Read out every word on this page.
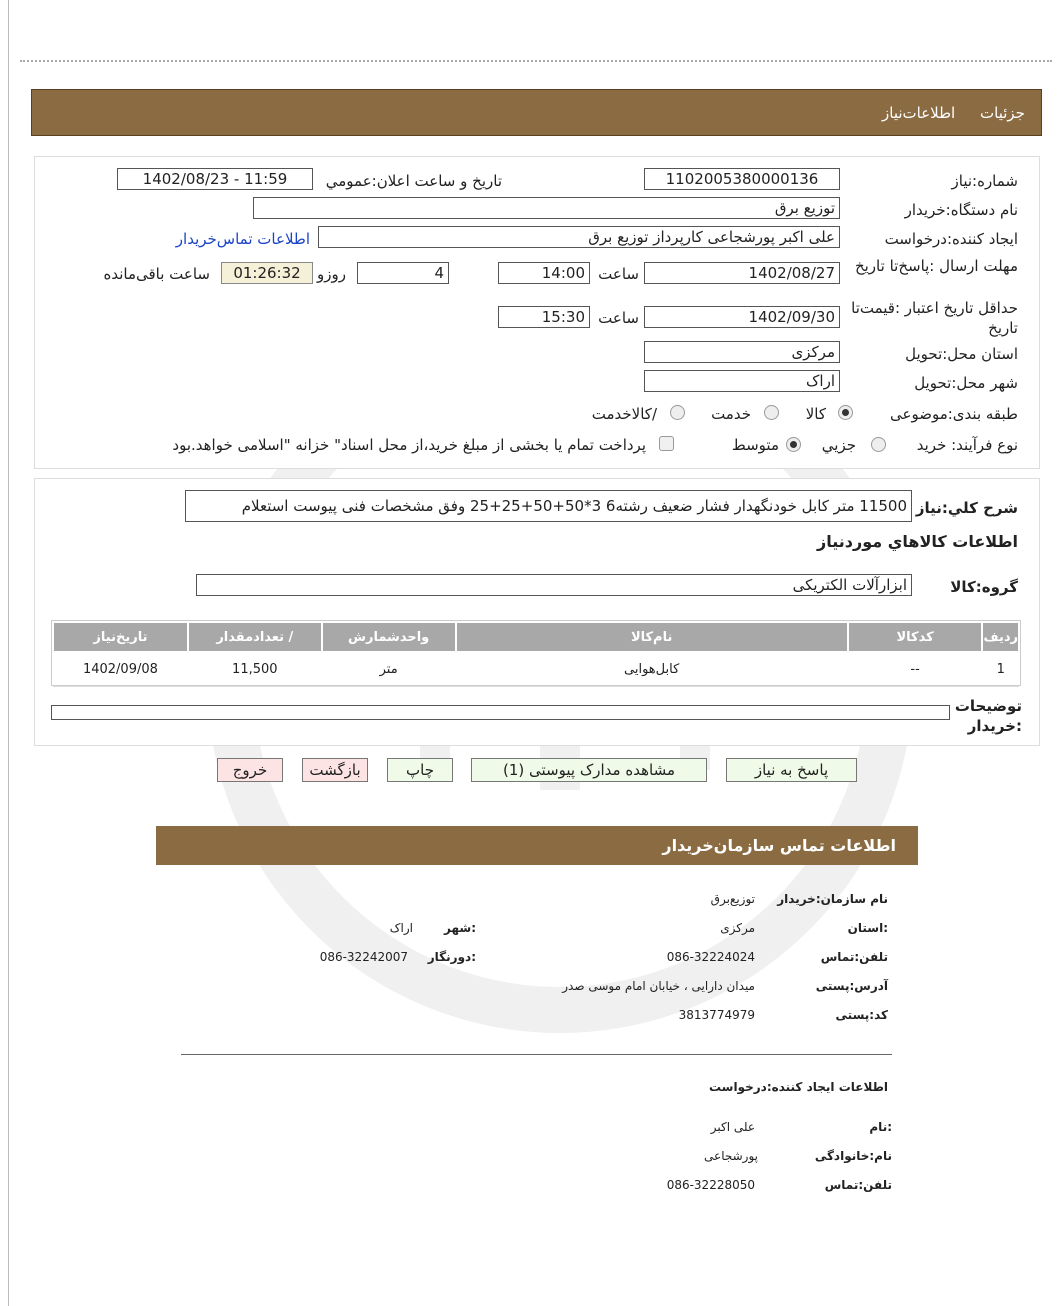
جزئیات
اطلاعات‌نیاز
شماره:نیاز
1102005380000136
تاریخ و ساعت اعلان:عمومي
1402/08/23 - 11:59
نام دستگاه:خریدار
توزیع برق
ایجاد کننده:درخواست
علی اکبر پورشجاعی کارپرداز توزیع برق
اطلاعات تماس‌خریدار
مهلت ارسال :پاسخ‌تا تاریخ
1402/08/27
ساعت
14:00
4
روزو
01:26:32
ساعت باقی‌مانده
حداقل تاریخ اعتبار :قیمت‌تا تاریخ
1402/09/30
ساعت
15:30
استان محل:تحویل
مرکزی
شهر محل:تحویل
اراک
طبقه بندی:موضوعی
کالا
خدمت
/کالاخدمت
نوع فرآیند: خرید
جزيي
متوسط
پرداخت تمام یا بخشی از مبلغ خرید،از محل اسناد" خزانه "اسلامی خواهد.بود
شرح کلي:نیاز
11500 متر کابل خودنگهدار فشار ضعیف رشته6 3*50+50+25+25 وفق مشخصات فنی پیوست استعلام
اطلاعات کالاهاي موردنیاز
گروه:کالا
ابزارآلات الکتریکی
ردیف	کدکالا	نام‌کالا	واحدشمارش	/ تعدادمقدار	تاریخ‌نیاز
1	--	کابل‌هوایی	متر	11,500	1402/09/08
توضیحات :خریدار
پاسخ به نیاز
مشاهده مدارک پیوستی (1)
چاپ
بازگشت
خروج
اطلاعات تماس سازمان‌خریدار
نام سازمان:خریدار
توزیع‌برق
:استان
مرکزی
:شهر
اراک
تلفن:تماس
086-32224024
:دورنگار
086-32242007
آدرس:پستی
میدان دارایی ، خیابان امام موسی صدر
کد:پستی
3813774979
اطلاعات ایجاد کننده:درخواست
:نام
علی اکبر
نام:خانوادگی
پورشجاعی
تلفن:تماس
086-32228050
